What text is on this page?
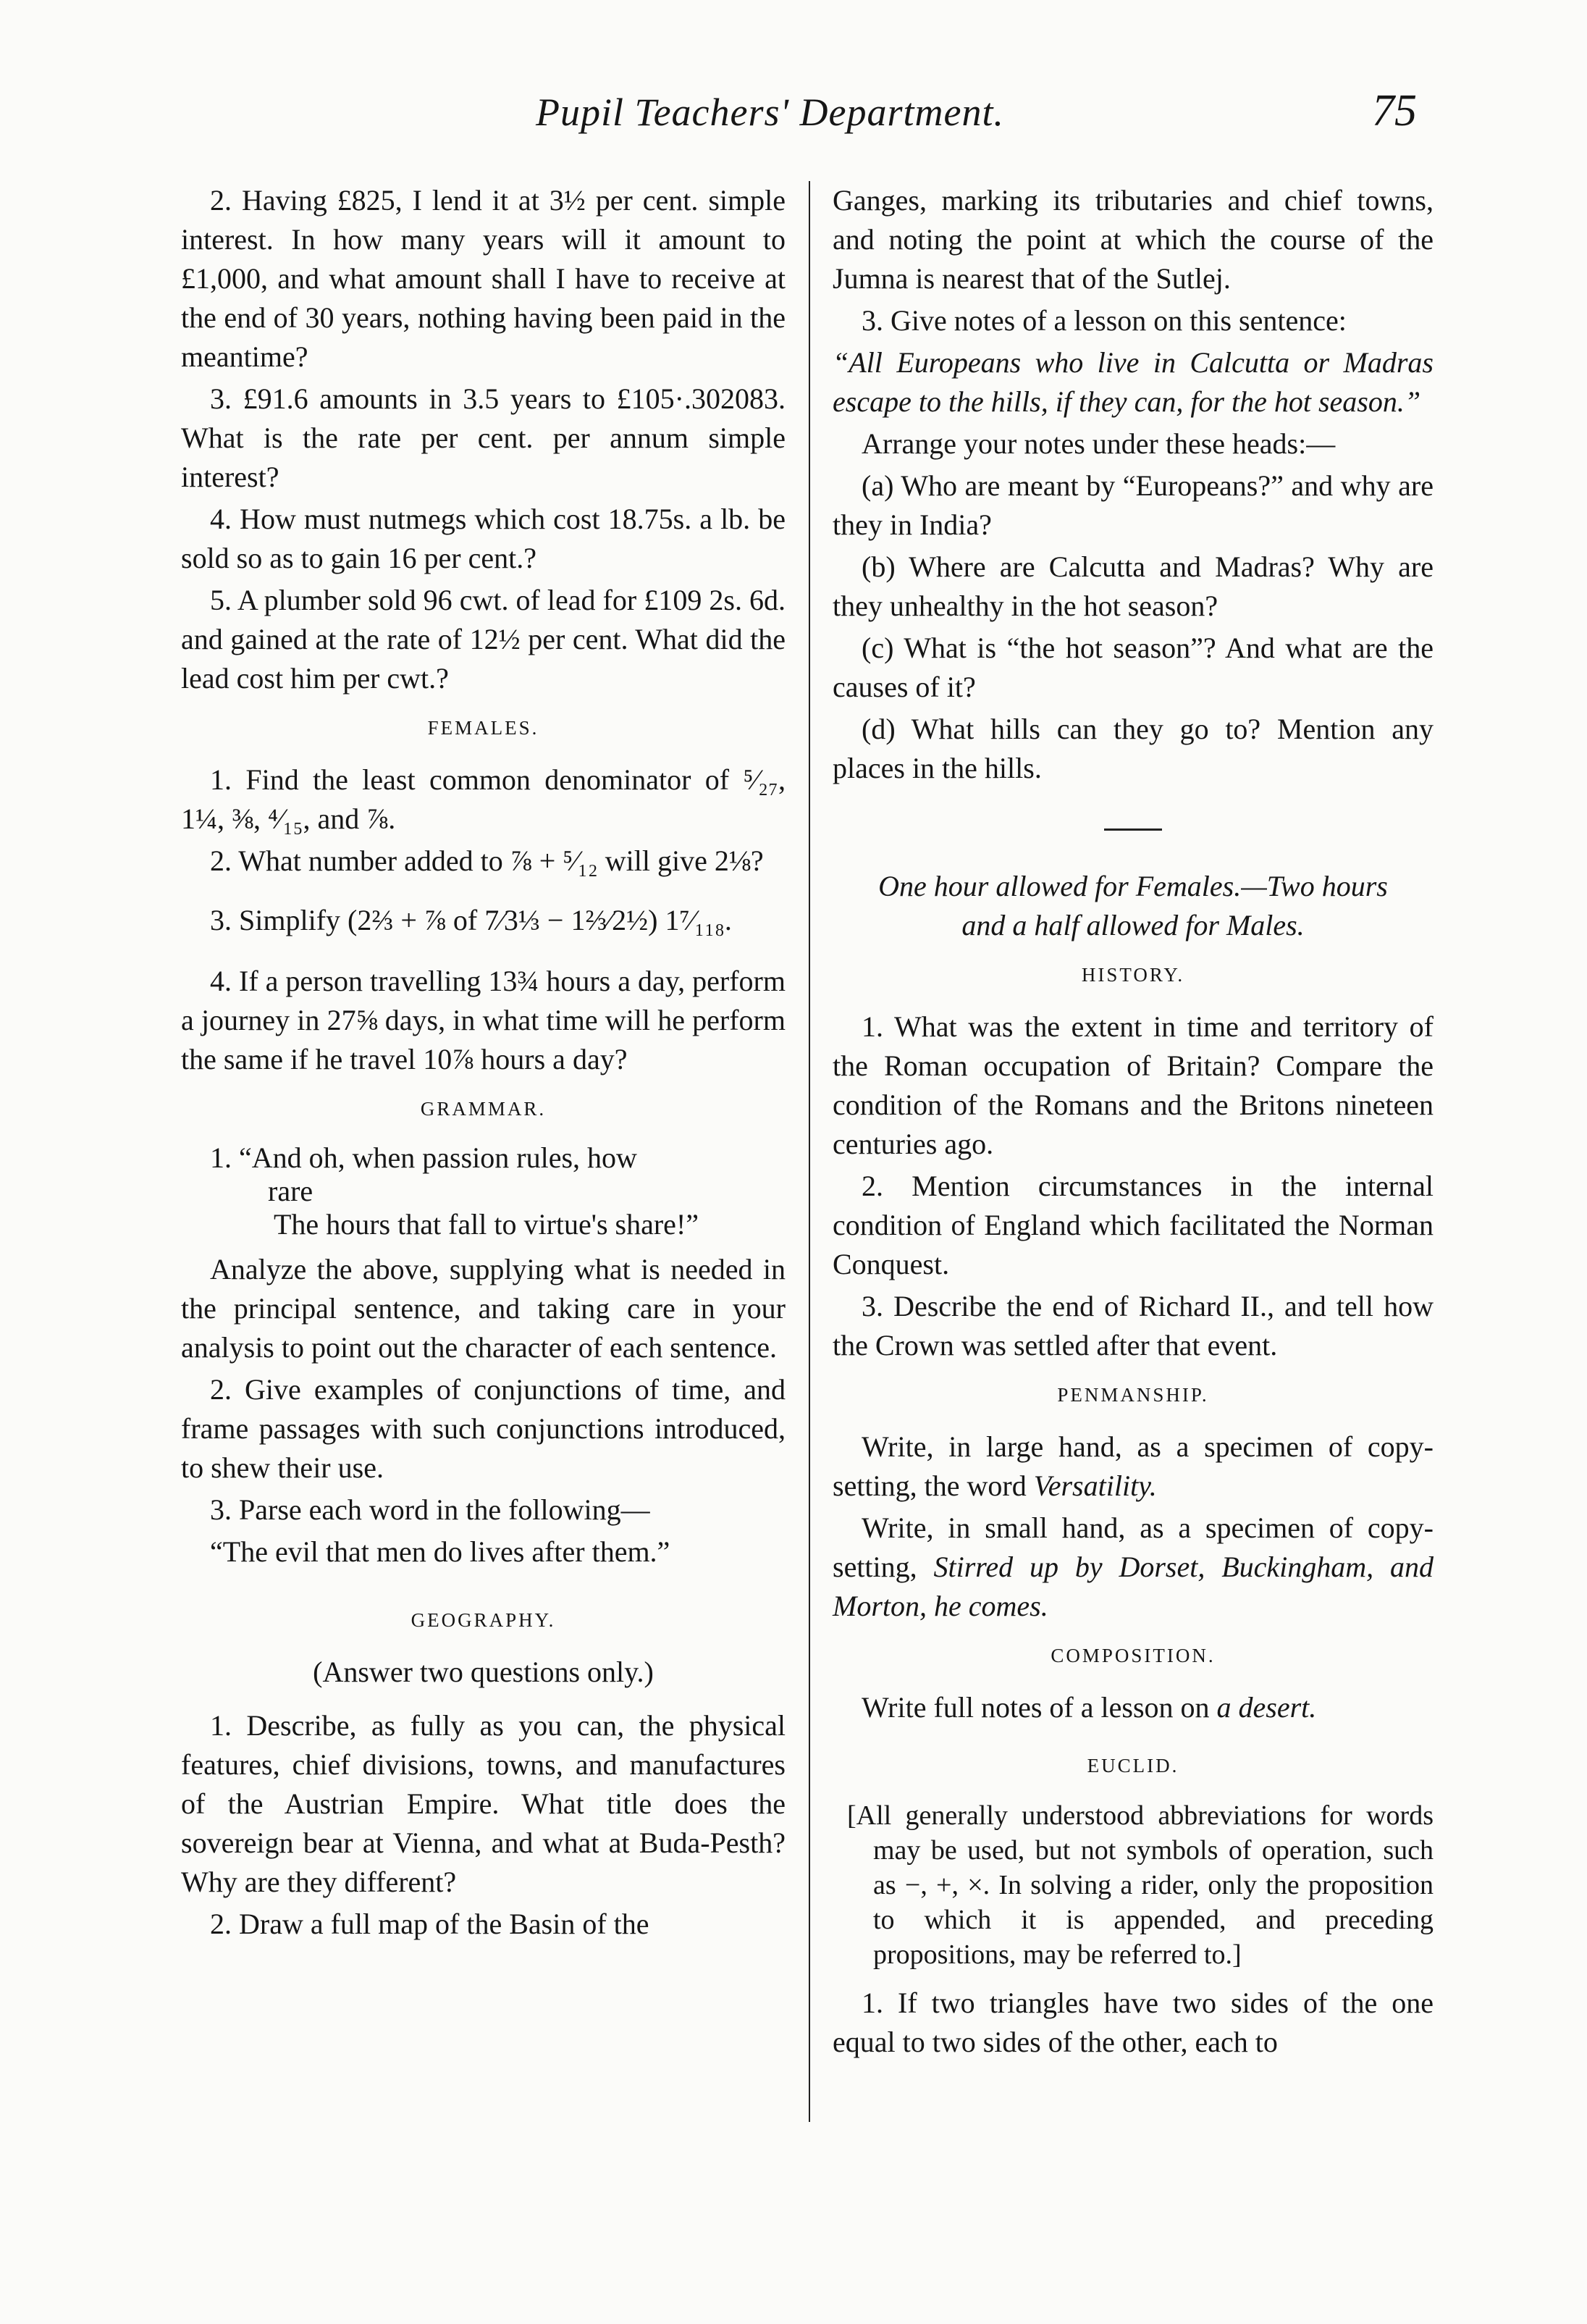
Pupil Teachers' Department.	75

2. Having £825, I lend it at 3½ per cent. simple interest. In how many years will it amount to £1,000, and what amount shall I have to receive at the end of 30 years, nothing having been paid in the meantime?

3. £91.6 amounts in 3.5 years to £105·.302083. What is the rate per cent. per annum simple interest?

4. How must nutmegs which cost 18.75s. a lb. be sold so as to gain 16 per cent.?

5. A plumber sold 96 cwt. of lead for £109 2s. 6d. and gained at the rate of 12½ per cent. What did the lead cost him per cwt.?

FEMALES.

1. Find the least common denominator of ⁵⁄₂₇, 1¼, ⅜, ⁴⁄₁₅, and ⅞.

2. What number added to ⅞ + ⁵⁄₁₂ will give 2⅛?

3. Simplify (2⅔ + ⅞ of 7⁄3⅓ − 1⅔⁄2½) 1⁷⁄₁₁₈.

4. If a person travelling 13¾ hours a day, perform a journey in 27⅝ days, in what time will he perform the same if he travel 10⅞ hours a day?

GRAMMAR.
1. “And oh, when passion rules, how
rare
The hours that fall to virtue's share!”

Analyze the above, supplying what is needed in the principal sentence, and taking care in your analysis to point out the character of each sentence.

2. Give examples of conjunctions of time, and frame passages with such conjunctions introduced, to shew their use.

3. Parse each word in the following—

“The evil that men do lives after them.”

GEOGRAPHY.

(Answer two questions only.)

1. Describe, as fully as you can, the physical features, chief divisions, towns, and manufactures of the Austrian Empire. What title does the sovereign bear at Vienna, and what at Buda-Pesth? Why are they different?

2. Draw a full map of the Basin of the

Ganges, marking its tributaries and chief towns, and noting the point at which the course of the Jumna is nearest that of the Sutlej.

3. Give notes of a lesson on this sentence:

“All Europeans who live in Calcutta or Madras escape to the hills, if they can, for the hot season.”

Arrange your notes under these heads:—

(a) Who are meant by “Europeans?” and why are they in India?

(b) Where are Calcutta and Madras? Why are they unhealthy in the hot season?

(c) What is “the hot season”? And what are the causes of it?

(d) What hills can they go to? Mention any places in the hills.

One hour allowed for Females.—Two hours

and a half allowed for Males.

HISTORY.

1. What was the extent in time and territory of the Roman occupation of Britain? Compare the condition of the Romans and the Britons nineteen centuries ago.

2. Mention circumstances in the internal condition of England which facilitated the Norman Conquest.

3. Describe the end of Richard II., and tell how the Crown was settled after that event.

PENMANSHIP.

Write, in large hand, as a specimen of copy-setting, the word Versatility.

Write, in small hand, as a specimen of copy-setting, Stirred up by Dorset, Buckingham, and Morton, he comes.

COMPOSITION.

Write full notes of a lesson on a desert.

EUCLID.

[All generally understood abbreviations for words may be used, but not symbols of operation, such as −, +, ×. In solving a rider, only the proposition to which it is appended, and preceding propositions, may be referred to.]

1. If two triangles have two sides of the one equal to two sides of the other, each to
